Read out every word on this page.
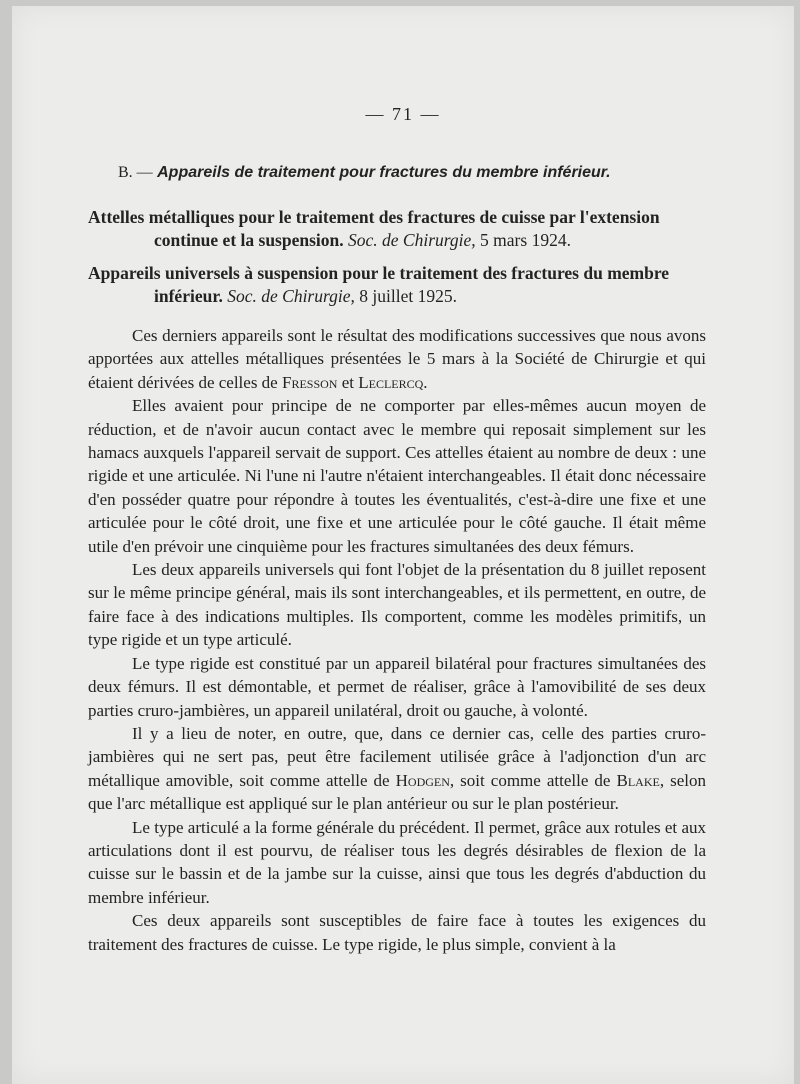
— 71 —
B. — Appareils de traitement pour fractures du membre inférieur.
Attelles métalliques pour le traitement des fractures de cuisse par l'extension
continue et la suspension. Soc. de Chirurgie, 5 mars 1924.
Appareils universels à suspension pour le traitement des fractures du membre
inférieur. Soc. de Chirurgie, 8 juillet 1925.

Ces derniers appareils sont le résultat des modifications successives que nous avons apportées aux attelles métalliques présentées le 5 mars à la Société de Chirurgie et qui étaient dérivées de celles de Fresson et Leclercq.

Elles avaient pour principe de ne comporter par elles-mêmes aucun moyen de réduction, et de n'avoir aucun contact avec le membre qui reposait simplement sur les hamacs auxquels l'appareil servait de support. Ces attelles étaient au nombre de deux : une rigide et une articulée. Ni l'une ni l'autre n'étaient interchangeables. Il était donc nécessaire d'en posséder quatre pour répondre à toutes les éventualités, c'est-à-dire une fixe et une articulée pour le côté droit, une fixe et une articulée pour le côté gauche. Il était même utile d'en prévoir une cinquième pour les fractures simultanées des deux fémurs.

Les deux appareils universels qui font l'objet de la présentation du 8 juillet reposent sur le même principe général, mais ils sont interchangeables, et ils permettent, en outre, de faire face à des indications multiples. Ils comportent, comme les modèles primitifs, un type rigide et un type articulé.

Le type rigide est constitué par un appareil bilatéral pour fractures simultanées des deux fémurs. Il est démontable, et permet de réaliser, grâce à l'amovibilité de ses deux parties cruro-jambières, un appareil unilatéral, droit ou gauche, à volonté.

Il y a lieu de noter, en outre, que, dans ce dernier cas, celle des parties cruro-jambières qui ne sert pas, peut être facilement utilisée grâce à l'adjonction d'un arc métallique amovible, soit comme attelle de Hodgen, soit comme attelle de Blake, selon que l'arc métallique est appliqué sur le plan antérieur ou sur le plan postérieur.

Le type articulé a la forme générale du précédent. Il permet, grâce aux rotules et aux articulations dont il est pourvu, de réaliser tous les degrés désirables de flexion de la cuisse sur le bassin et de la jambe sur la cuisse, ainsi que tous les degrés d'abduction du membre inférieur.

Ces deux appareils sont susceptibles de faire face à toutes les exigences du traitement des fractures de cuisse. Le type rigide, le plus simple, convient à la
